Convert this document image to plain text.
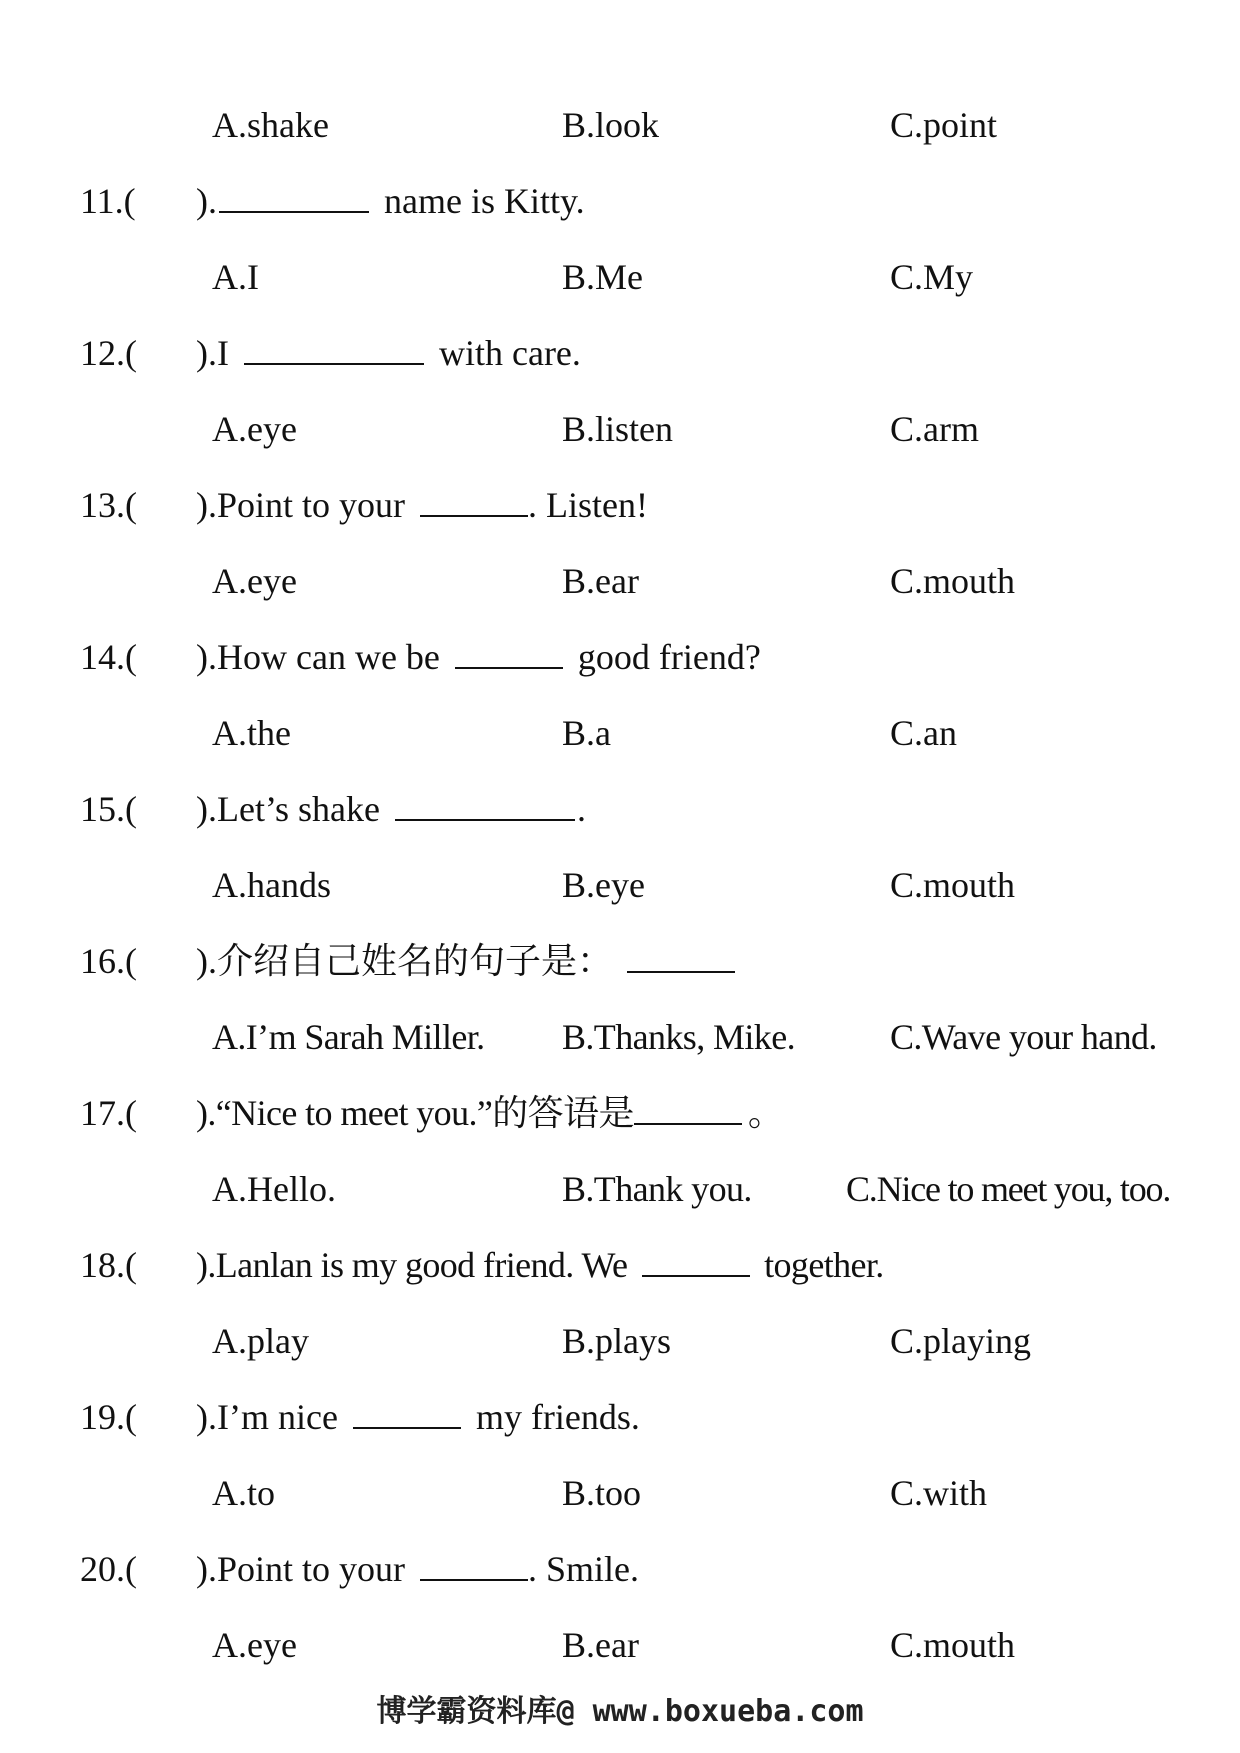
A.shake	B.look	C.point
11.( ).	name is Kitty.
A.I	B.Me	C.My
12.( ).I	with care.
A.eye	B.listen	C.arm
13.( ).Point to your	. Listen!
A.eye	B.ear	C.mouth
14.( ).How can we be	good friend?
A.the	B.a	C.an
15.( ).Let’s shake	.
A.hands	B.eye	C.mouth
16.( ).介绍自己姓名的句子是：
A.I’m Sarah Miller. B.Thanks, Mike.	C.Wave your hand.
17.( ).“Nice to meet you.”的答语是	。
A.Hello.	B.Thank you.	C.Nice to meet you, too.
18.( ).Lanlan is my good friend. We	together.
A.play	B.plays	C.playing
19.( ).I’m nice	my friends.
A.to	B.too	C.with
20.( ).Point to your	. Smile.
A.eye	B.ear	C.mouth
博学霸资料库@ www.boxueba.com
